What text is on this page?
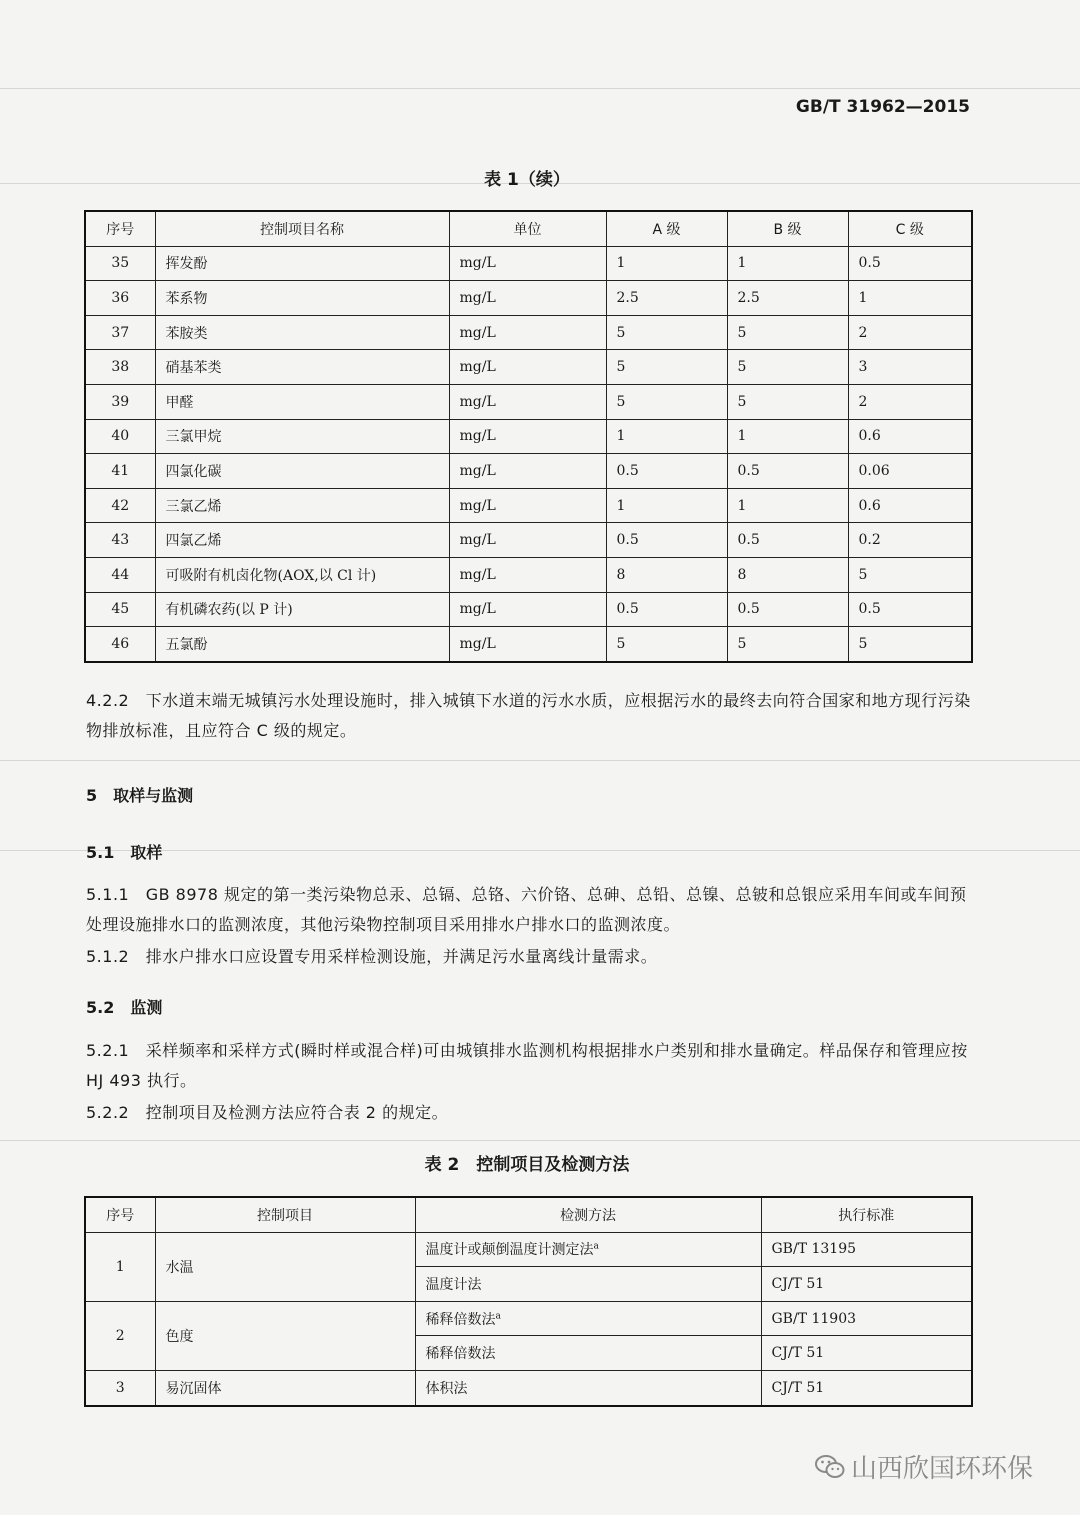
GB/T 31962—2015
表 1（续）
序号	控制项目名称	单位	A 级	B 级	C 级
35	挥发酚	mg/L	1	1	0.5
36	苯系物	mg/L	2.5	2.5	1
37	苯胺类	mg/L	5	5	2
38	硝基苯类	mg/L	5	5	3
39	甲醛	mg/L	5	5	2
40	三氯甲烷	mg/L	1	1	0.6
41	四氯化碳	mg/L	0.5	0.5	0.06
42	三氯乙烯	mg/L	1	1	0.6
43	四氯乙烯	mg/L	0.5	0.5	0.2
44	可吸附有机卤化物(AOX,以 Cl 计)	mg/L	8	8	5
45	有机磷农药(以 P 计)	mg/L	0.5	0.5	0.5
46	五氯酚	mg/L	5	5	5
4.2.2　下水道末端无城镇污水处理设施时，排入城镇下水道的污水水质，应根据污水的最终去向符合国家和地方现行污染物排放标准，且应符合 C 级的规定。
5　取样与监测
5.1　取样
5.1.1　GB 8978 规定的第一类污染物总汞、总镉、总铬、六价铬、总砷、总铅、总镍、总铍和总银应采用车间或车间预处理设施排水口的监测浓度，其他污染物控制项目采用排水户排水口的监测浓度。
5.1.2　排水户排水口应设置专用采样检测设施，并满足污水量离线计量需求。
5.2　监测
5.2.1　采样频率和采样方式(瞬时样或混合样)可由城镇排水监测机构根据排水户类别和排水量确定。样品保存和管理应按 HJ 493 执行。
5.2.2　控制项目及检测方法应符合表 2 的规定。
表 2　控制项目及检测方法
序号	控制项目	检测方法	执行标准
1	水温	温度计或颠倒温度计测定法$^a$	GB/T 13195
		温度计法	CJ/T 51
2	色度	稀释倍数法$^a$	GB/T 11903
		稀释倍数法	CJ/T 51
3	易沉固体	体积法	CJ/T 51
山西欣国环环保
